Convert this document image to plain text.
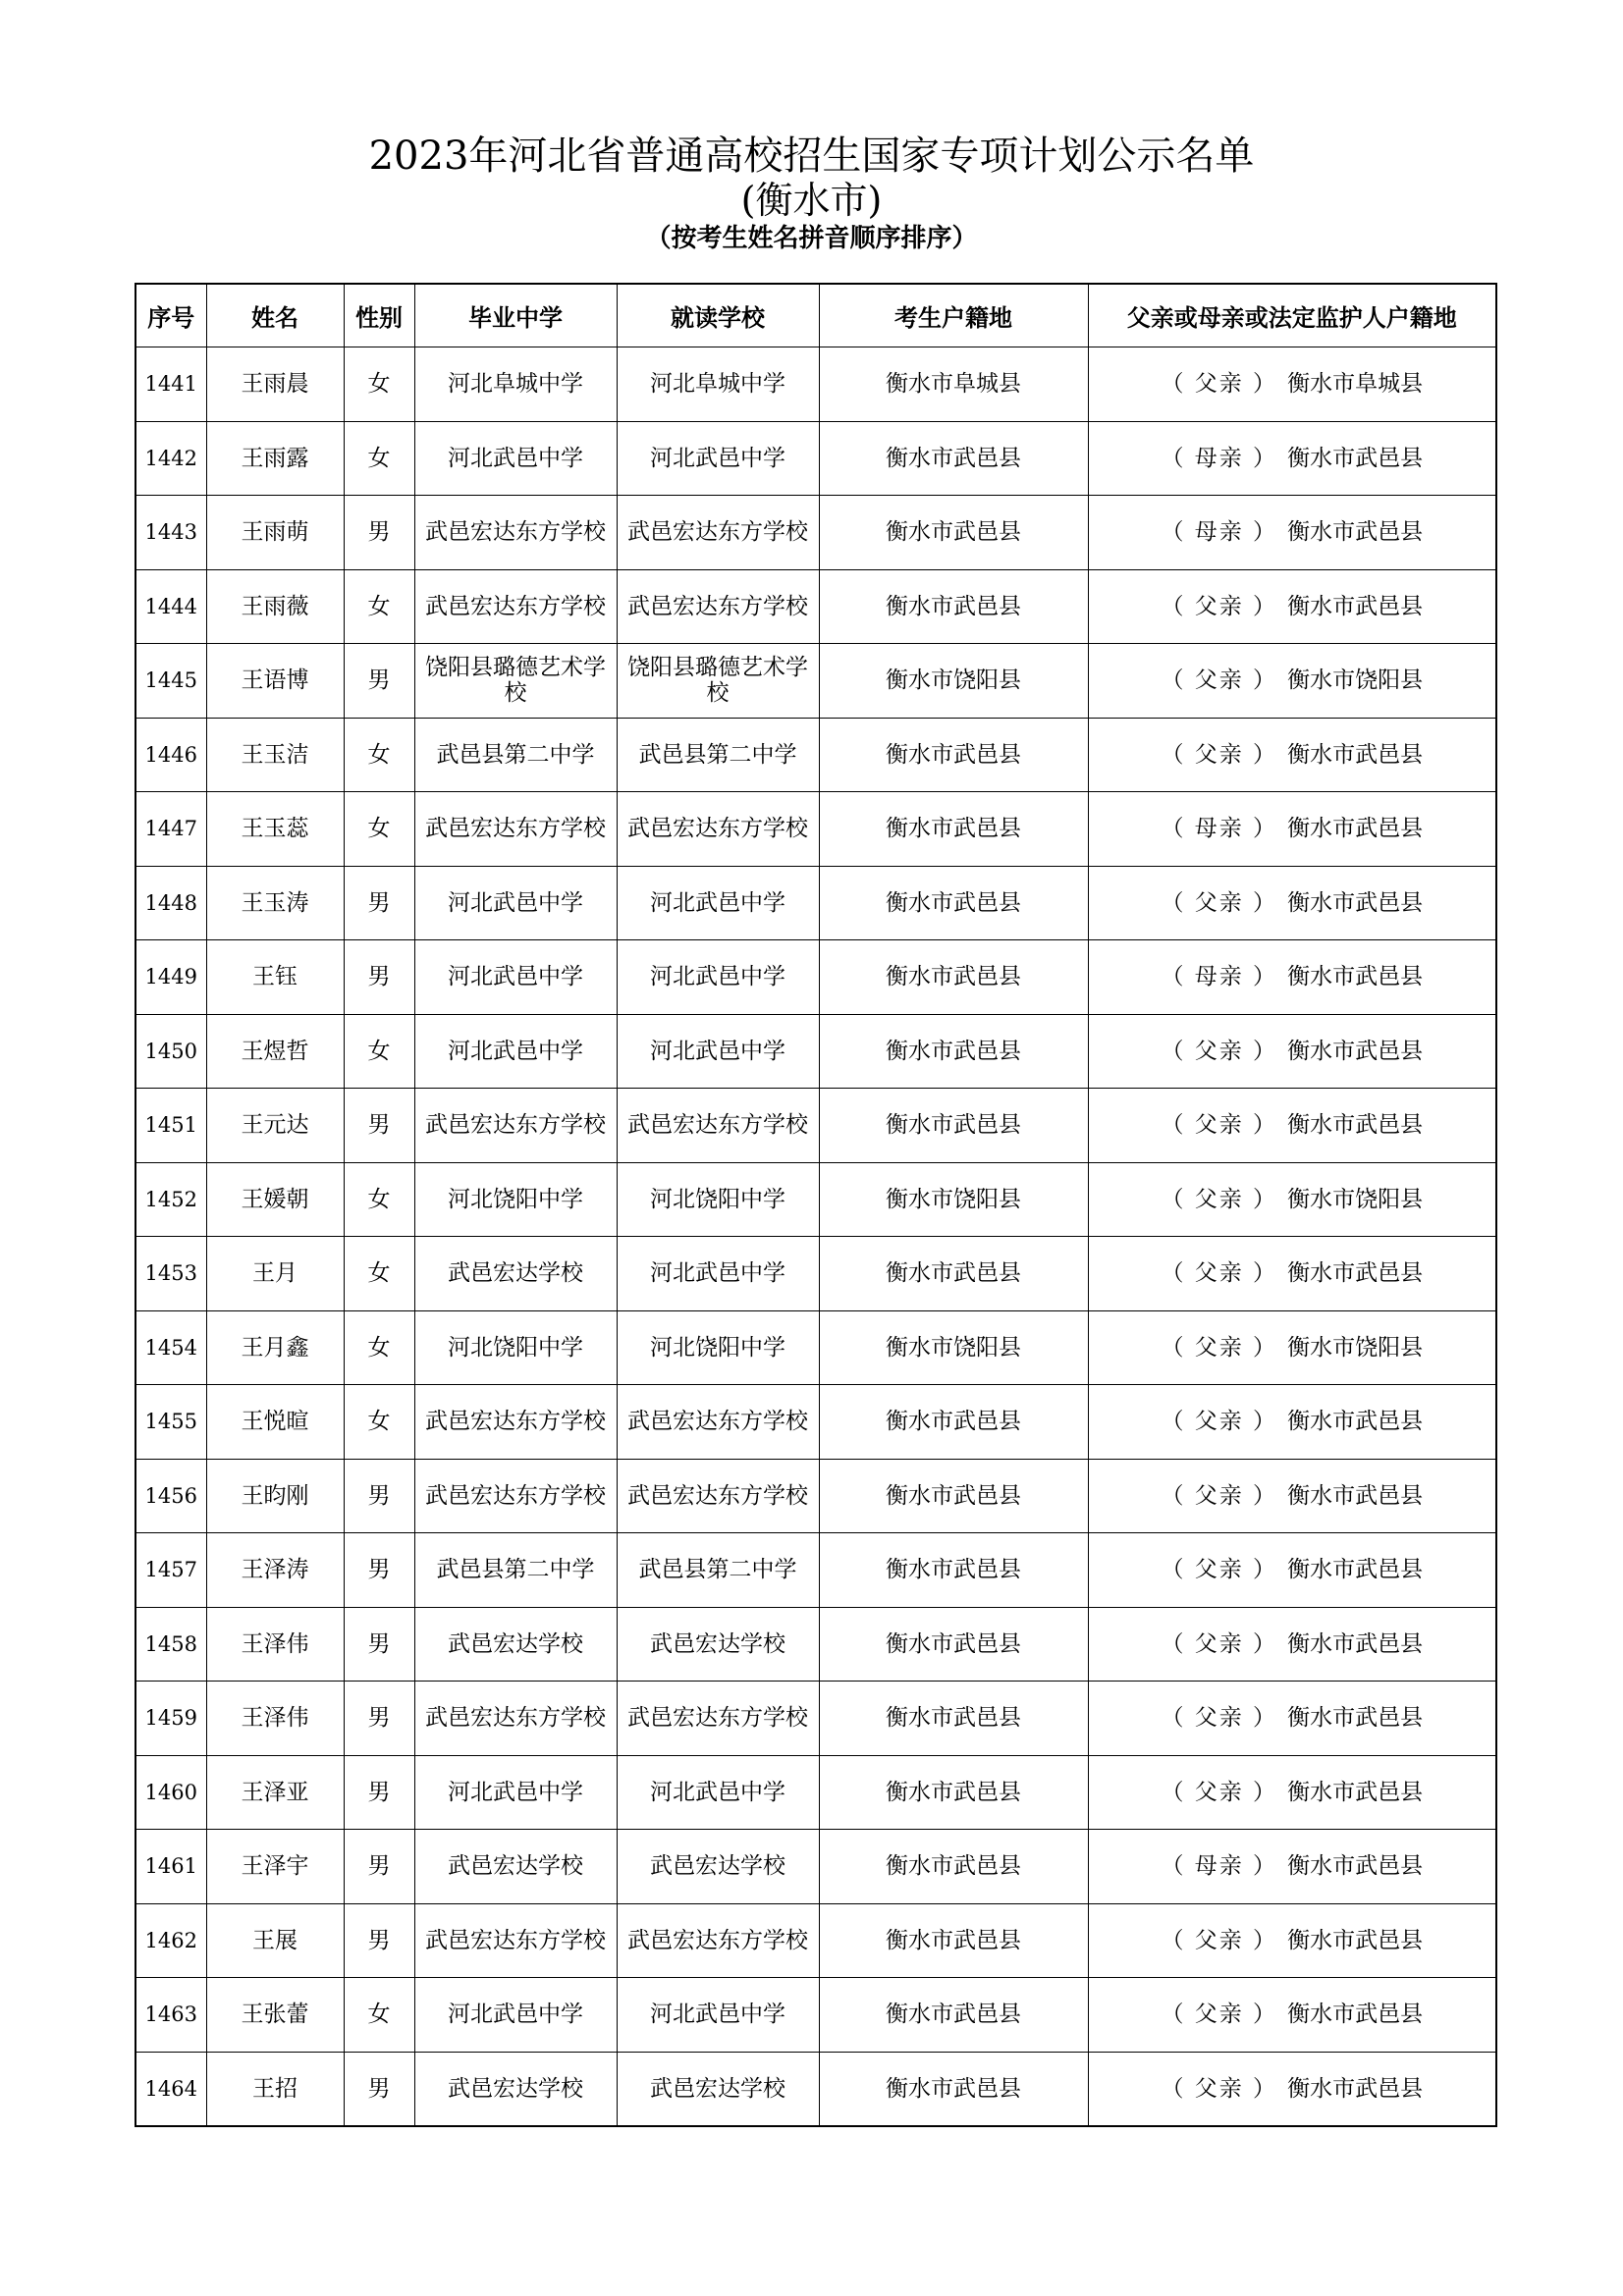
2023年河北省普通高校招生国家专项计划公示名单
(衡水市)
（按考生姓名拼音顺序排序）
序号	姓名	性别	毕业中学	就读学校	考生户籍地	父亲或母亲或法定监护人户籍地
1441	王雨晨	女	河北阜城中学	河北阜城中学	衡水市阜城县	（ 父亲 ） 衡水市阜城县
1442	王雨露	女	河北武邑中学	河北武邑中学	衡水市武邑县	（ 母亲 ） 衡水市武邑县
1443	王雨萌	男	武邑宏达东方学校	武邑宏达东方学校	衡水市武邑县	（ 母亲 ） 衡水市武邑县
1444	王雨薇	女	武邑宏达东方学校	武邑宏达东方学校	衡水市武邑县	（ 父亲 ） 衡水市武邑县
1445	王语博	男	饶阳县璐德艺术学校	饶阳县璐德艺术学校	衡水市饶阳县	（ 父亲 ） 衡水市饶阳县
1446	王玉洁	女	武邑县第二中学	武邑县第二中学	衡水市武邑县	（ 父亲 ） 衡水市武邑县
1447	王玉蕊	女	武邑宏达东方学校	武邑宏达东方学校	衡水市武邑县	（ 母亲 ） 衡水市武邑县
1448	王玉涛	男	河北武邑中学	河北武邑中学	衡水市武邑县	（ 父亲 ） 衡水市武邑县
1449	王钰	男	河北武邑中学	河北武邑中学	衡水市武邑县	（ 母亲 ） 衡水市武邑县
1450	王煜哲	女	河北武邑中学	河北武邑中学	衡水市武邑县	（ 父亲 ） 衡水市武邑县
1451	王元达	男	武邑宏达东方学校	武邑宏达东方学校	衡水市武邑县	（ 父亲 ） 衡水市武邑县
1452	王媛朝	女	河北饶阳中学	河北饶阳中学	衡水市饶阳县	（ 父亲 ） 衡水市饶阳县
1453	王月	女	武邑宏达学校	河北武邑中学	衡水市武邑县	（ 父亲 ） 衡水市武邑县
1454	王月鑫	女	河北饶阳中学	河北饶阳中学	衡水市饶阳县	（ 父亲 ） 衡水市饶阳县
1455	王悦暄	女	武邑宏达东方学校	武邑宏达东方学校	衡水市武邑县	（ 父亲 ） 衡水市武邑县
1456	王昀刚	男	武邑宏达东方学校	武邑宏达东方学校	衡水市武邑县	（ 父亲 ） 衡水市武邑县
1457	王泽涛	男	武邑县第二中学	武邑县第二中学	衡水市武邑县	（ 父亲 ） 衡水市武邑县
1458	王泽伟	男	武邑宏达学校	武邑宏达学校	衡水市武邑县	（ 父亲 ） 衡水市武邑县
1459	王泽伟	男	武邑宏达东方学校	武邑宏达东方学校	衡水市武邑县	（ 父亲 ） 衡水市武邑县
1460	王泽亚	男	河北武邑中学	河北武邑中学	衡水市武邑县	（ 父亲 ） 衡水市武邑县
1461	王泽宇	男	武邑宏达学校	武邑宏达学校	衡水市武邑县	（ 母亲 ） 衡水市武邑县
1462	王展	男	武邑宏达东方学校	武邑宏达东方学校	衡水市武邑县	（ 父亲 ） 衡水市武邑县
1463	王张蕾	女	河北武邑中学	河北武邑中学	衡水市武邑县	（ 父亲 ） 衡水市武邑县
1464	王招	男	武邑宏达学校	武邑宏达学校	衡水市武邑县	（ 父亲 ） 衡水市武邑县
